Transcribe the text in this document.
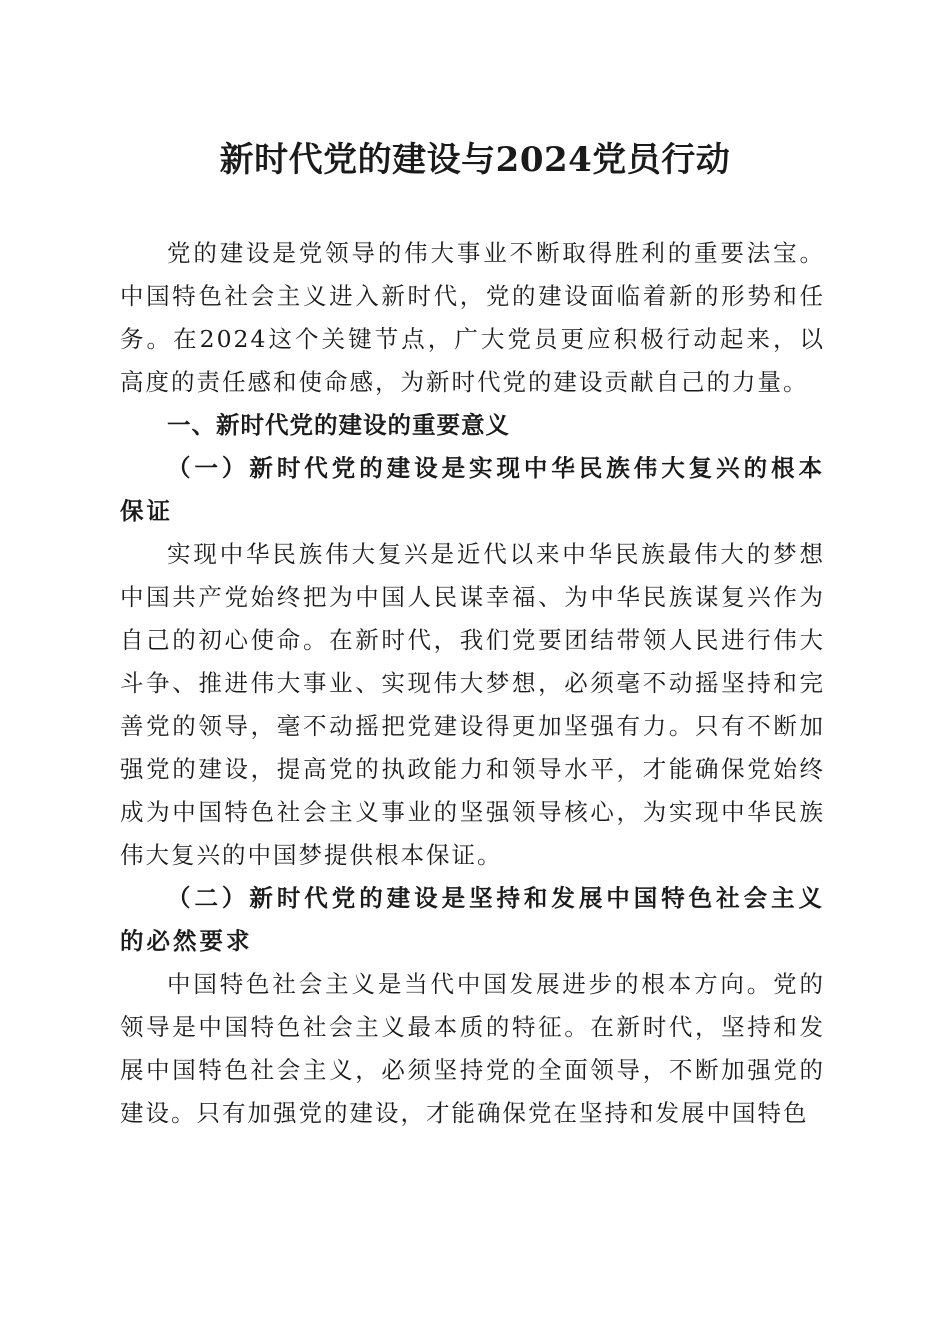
新时代党的建设与2024党员行动

党的建设是党领导的伟大事业不断取得胜利的重要法宝。中国特色社会主义进入新时代，党的建设面临着新的形势和任务。在2024这个关键节点，广大党员更应积极行动起来，以高度的责任感和使命感，为新时代党的建设贡献自己的力量。

一、新时代党的建设的重要意义

（一）新时代党的建设是实现中华民族伟大复兴的根本保证

实现中华民族伟大复兴是近代以来中华民族最伟大的梦想中国共产党始终把为中国人民谋幸福、为中华民族谋复兴作为自己的初心使命。在新时代，我们党要团结带领人民进行伟大斗争、推进伟大事业、实现伟大梦想，必须毫不动摇坚持和完善党的领导，毫不动摇把党建设得更加坚强有力。只有不断加强党的建设，提高党的执政能力和领导水平，才能确保党始终成为中国特色社会主义事业的坚强领导核心，为实现中华民族伟大复兴的中国梦提供根本保证。

（二）新时代党的建设是坚持和发展中国特色社会主义的必然要求

中国特色社会主义是当代中国发展进步的根本方向。党的领导是中国特色社会主义最本质的特征。在新时代，坚持和发展中国特色社会主义，必须坚持党的全面领导，不断加强党的建设。只有加强党的建设，才能确保党在坚持和发展中国特色
